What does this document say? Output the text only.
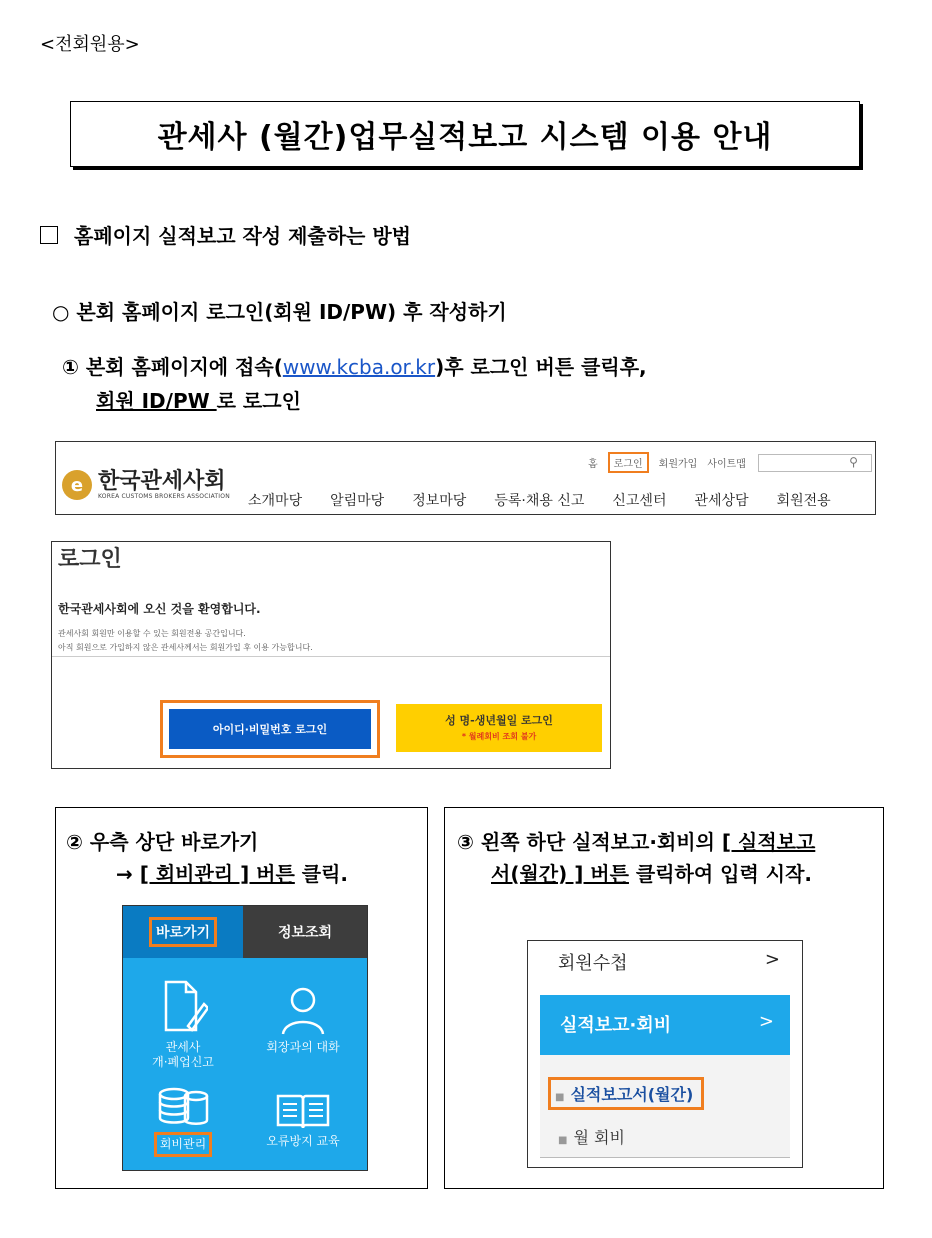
<전회원용>
관세사 (월간)업무실적보고 시스템 이용 안내
홈페이지 실적보고 작성 제출하는 방법
○ 본회 홈페이지 로그인(회원 ID/PW) 후 작성하기
① 본회 홈페이지에 접속(www.kcba.or.kr)후 로그인 버튼 클릭후,
회원 ID/PW 로 로그인
e 한국관세사회
KOREA CUSTOMS BROKERS ASSOCIATION
홈	로그인	회원가입 사이트맵	⚲
소개마당 알림마당 정보마당 등록·채용 신고 신고센터 관세상담 회원전용
로그인
한국관세사회에 오신 것을 환영합니다.
관세사회 회원만 이용할 수 있는 회원전용 공간입니다.
아직 회원으로 가입하지 않은 관세사께서는 회원가입 후 이용 가능합니다.
아이디·비밀번호 로그인
성 명-생년월일 로그인
* 월례회비 조회 불가
② 우측 상단 바로가기
→ [ 회비관리 ] 버튼 클릭.
바로가기	정보조회
관세사
개·폐업신고
회장과의 대화
회비관리	오류방지 교육
③ 왼쪽 하단 실적보고·회비의 [ 실적보고
서(월간) ] 버튼 클릭하여 입력 시작.
회원수첩	>
실적보고·회비	>
■ 실적보고서(월간)
■ 월 회비
